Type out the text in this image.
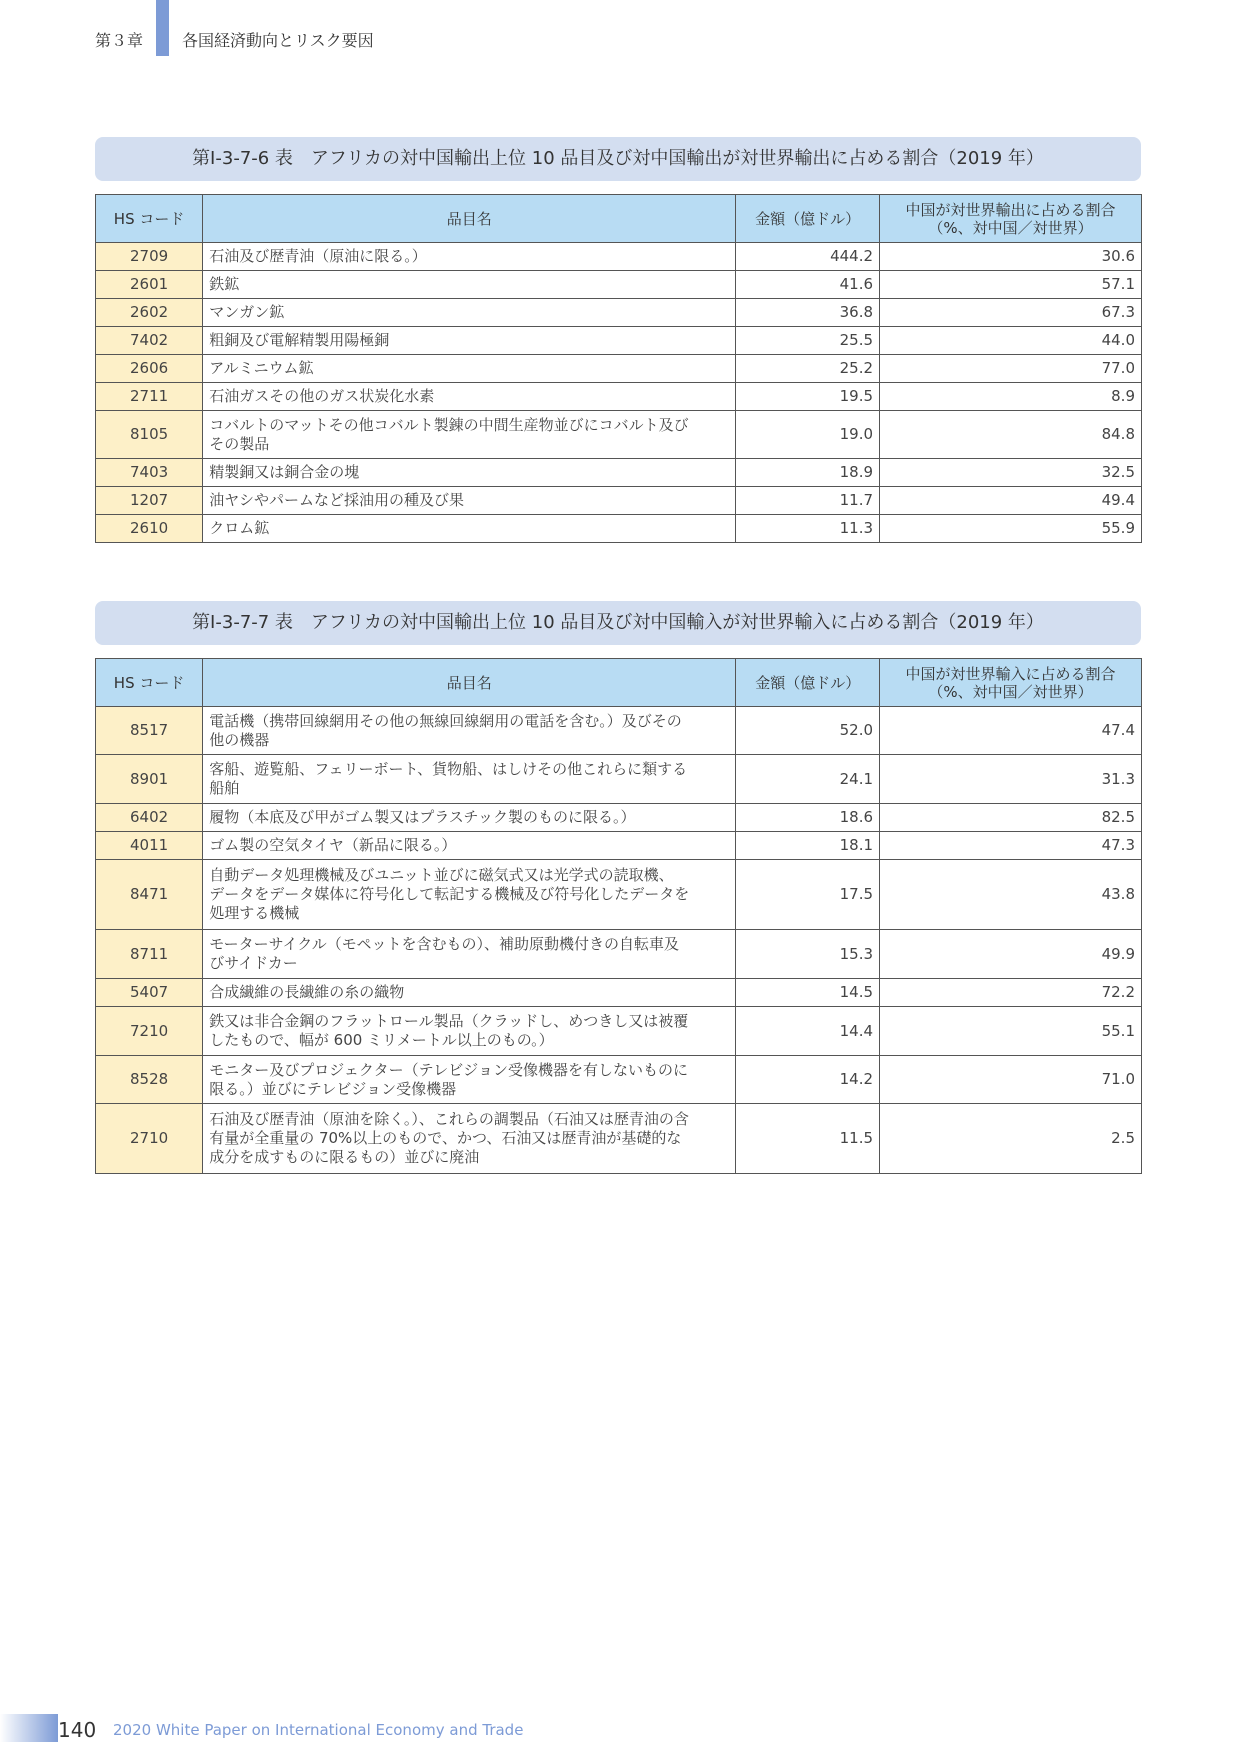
第３章 各国経済動向とリスク要因
第Ⅰ-3-7-6 表　アフリカの対中国輸出上位 10 品目及び対中国輸出が対世界輸出に占める割合（2019 年）
HS コード	品目名	金額（億ドル）	中国が対世界輸出に占める割合
（%、対中国／対世界）
2709	石油及び歴青油（原油に限る。）	444.2	30.6
2601	鉄鉱	41.6	57.1
2602	マンガン鉱	36.8	67.3
7402	粗銅及び電解精製用陽極銅	25.5	44.0
2606	アルミニウム鉱	25.2	77.0
2711	石油ガスその他のガス状炭化水素	19.5	8.9
8105	コバルトのマットその他コバルト製錬の中間生産物並びにコバルト及び
その製品	19.0	84.8
7403	精製銅又は銅合金の塊	18.9	32.5
1207	油ヤシやパームなど採油用の種及び果	11.7	49.4
2610	クロム鉱	11.3	55.9
第Ⅰ-3-7-7 表　アフリカの対中国輸出上位 10 品目及び対中国輸入が対世界輸入に占める割合（2019 年）
HS コード	品目名	金額（億ドル）	中国が対世界輸入に占める割合
（%、対中国／対世界）
8517	電話機（携帯回線網用その他の無線回線網用の電話を含む。）及びその
他の機器	52.0	47.4
8901	客船、遊覧船、フェリーボート、貨物船、はしけその他これらに類する
船舶	24.1	31.3
6402	履物（本底及び甲がゴム製又はプラスチック製のものに限る。）	18.6	82.5
4011	ゴム製の空気タイヤ（新品に限る。）	18.1	47.3
8471	自動データ処理機械及びユニット並びに磁気式又は光学式の読取機、
データをデータ媒体に符号化して転記する機械及び符号化したデータを
処理する機械	17.5	43.8
8711	モーターサイクル（モペットを含むもの）、補助原動機付きの自転車及
びサイドカー	15.3	49.9
5407	合成繊維の長繊維の糸の織物	14.5	72.2
7210	鉄又は非合金鋼のフラットロール製品（クラッドし、めつきし又は被覆
したもので、幅が 600 ミリメートル以上のもの。）	14.4	55.1
8528	モニター及びプロジェクター（テレビジョン受像機器を有しないものに
限る。）並びにテレビジョン受像機器	14.2	71.0
2710	石油及び歴青油（原油を除く。）、これらの調製品（石油又は歴青油の含
有量が全重量の 70%以上のもので、かつ、石油又は歴青油が基礎的な
成分を成すものに限るもの）並びに廃油	11.5	2.5
140 2020 White Paper on International Economy and Trade
